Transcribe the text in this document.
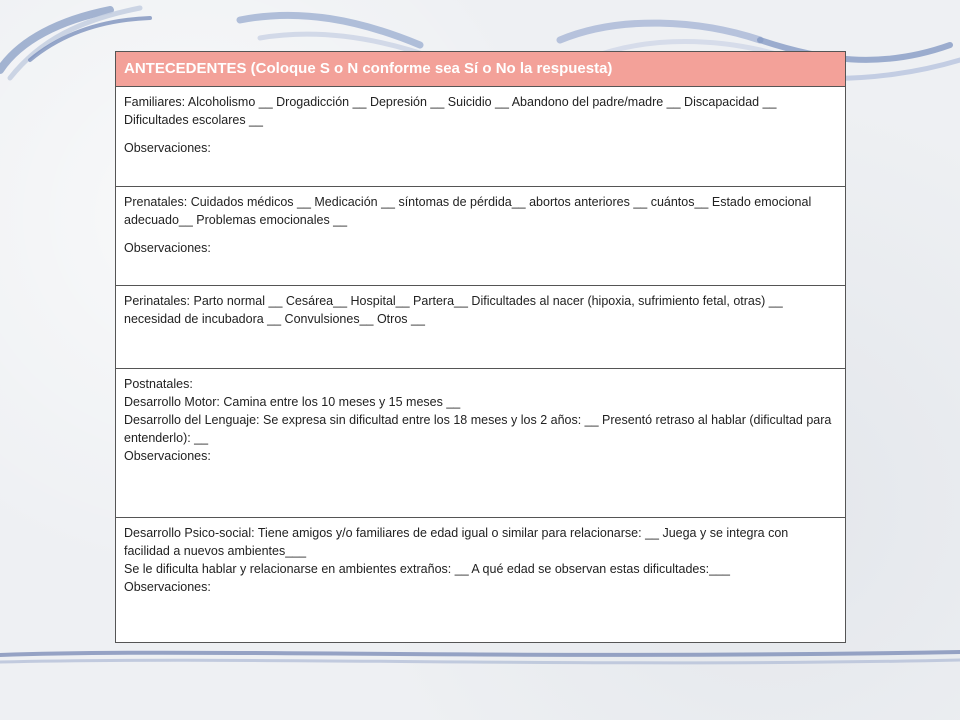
ANTECEDENTES (Coloque S o N conforme sea Sí o No la respuesta)
Familiares: Alcoholismo __ Drogadicción __ Depresión __ Suicidio __ Abandono del padre/madre __ Discapacidad __ Dificultades escolares __
Observaciones:
Prenatales: Cuidados médicos __ Medicación __ síntomas de pérdida__ abortos anteriores __ cuántos__ Estado emocional adecuado__ Problemas emocionales __
Observaciones:
Perinatales: Parto normal __ Cesárea__ Hospital__ Partera__ Dificultades al nacer (hipoxia, sufrimiento fetal, otras) __ necesidad de incubadora __ Convulsiones__ Otros __
Postnatales:
Desarrollo Motor: Camina entre los 10 meses y 15 meses __
Desarrollo del Lenguaje: Se expresa sin dificultad entre los 18 meses y los 2 años: __ Presentó retraso al hablar (dificultad para entenderlo): __
Observaciones:
Desarrollo Psico-social: Tiene amigos y/o familiares de edad igual o similar para relacionarse: __ Juega y se integra con facilidad a nuevos ambientes___
Se le dificulta hablar y relacionarse en ambientes extraños: __ A qué edad se observan estas dificultades:___
Observaciones:
